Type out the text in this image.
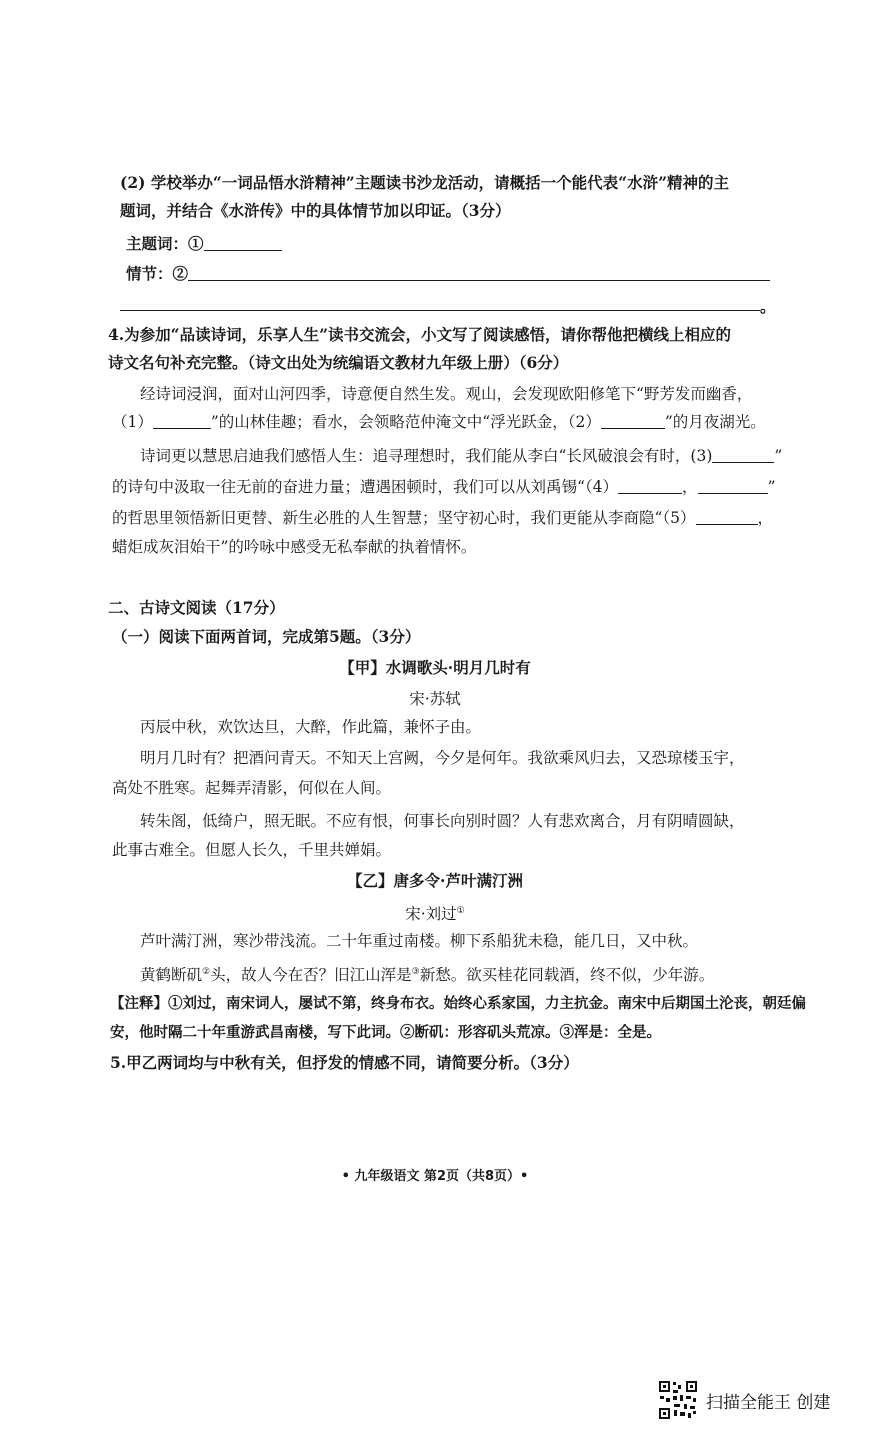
(2) 学校举办“一词品悟水浒精神”主题读书沙龙活动，请概括一个能代表“水浒”精神的主
题词，并结合《水浒传》中的具体情节加以印证。（3分）
主题词：①
情节：②
。
4.为参加“品读诗词，乐享人生”读书交流会，小文写了阅读感悟，请你帮他把横线上相应的
诗文名句补充完整。（诗文出处为统编语文教材九年级上册）（6分）
经诗词浸润，面对山河四季，诗意便自然生发。观山，会发现欧阳修笔下“野芳发而幽香，
（1）	”的山林佳趣；看水，会领略范仲淹文中“浮光跃金，（2）	”的月夜湖光。
诗词更以慧思启迪我们感悟人生：追寻理想时，我们能从李白“长风破浪会有时，(3)	”
的诗句中汲取一往无前的奋进力量；遭遇困顿时，我们可以从刘禹锡“（4）	，	”
的哲思里领悟新旧更替、新生必胜的人生智慧；坚守初心时，我们更能从李商隐“（5）	，
蜡炬成灰泪始干”的吟咏中感受无私奉献的执着情怀。
二、古诗文阅读（17分）
（一）阅读下面两首词，完成第5题。（3分）
【甲】水调歌头·明月几时有
宋·苏轼
丙辰中秋，欢饮达旦，大醉，作此篇，兼怀子由。
明月几时有？把酒问青天。不知天上宫阙，今夕是何年。我欲乘风归去，又恐琼楼玉宇，
高处不胜寒。起舞弄清影，何似在人间。
转朱阁，低绮户，照无眠。不应有恨，何事长向别时圆？人有悲欢离合，月有阴晴圆缺，
此事古难全。但愿人长久，千里共婵娟。
【乙】唐多令·芦叶满汀洲
宋·刘过①
芦叶满汀洲，寒沙带浅流。二十年重过南楼。柳下系船犹未稳，能几日，又中秋。
黄鹤断矶②头，故人今在否？旧江山浑是③新愁。欲买桂花同载酒，终不似，少年游。
【注释】①刘过，南宋词人，屡试不第，终身布衣。始终心系家国，力主抗金。南宋中后期国土沦丧，朝廷偏
安，他时隔二十年重游武昌南楼，写下此词。②断矶：形容矶头荒凉。③浑是：全是。
5.甲乙两词均与中秋有关，但抒发的情感不同，请简要分析。（3分）
• 九年级语文 第2页（共8页）•
扫描全能王 创建
